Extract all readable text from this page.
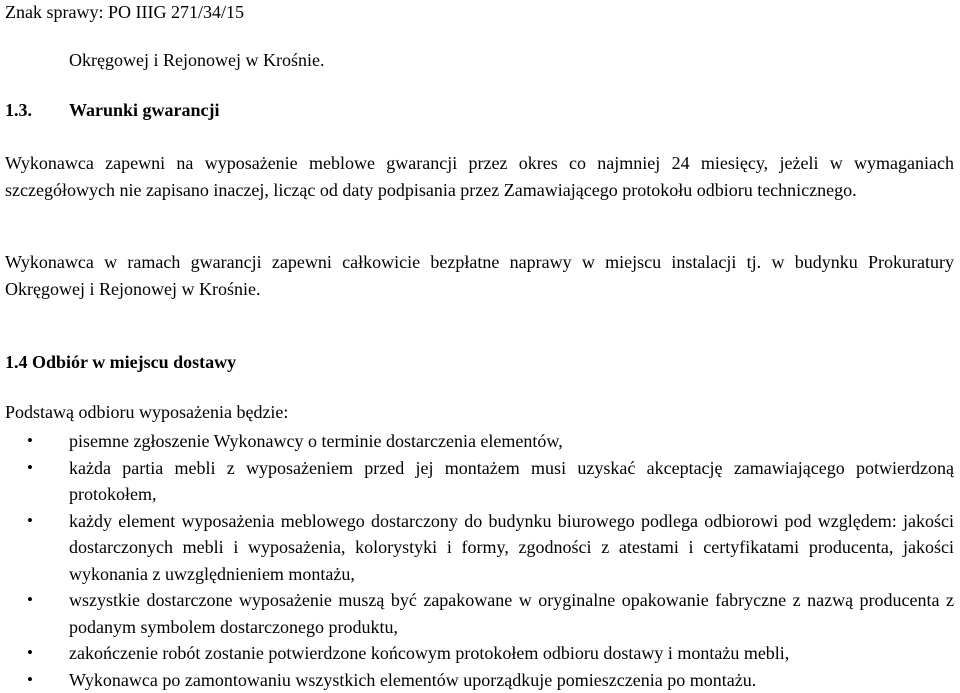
Znak sprawy: PO IIIG 271/34/15

Okręgowej i Rejonowej w Krośnie.

1.3. Warunki gwarancji

Wykonawca zapewni na wyposażenie meblowe gwarancji przez okres co najmniej 24 miesięcy, jeżeli w wymaganiach szczegółowych nie zapisano inaczej, licząc od daty podpisania przez Zamawiającego protokołu odbioru technicznego.

Wykonawca w ramach gwarancji zapewni całkowicie bezpłatne naprawy w miejscu instalacji tj. w budynku Prokuratury Okręgowej i Rejonowej w Krośnie.

1.4 Odbiór w miejscu dostawy

Podstawą odbioru wyposażenia będzie:

• pisemne zgłoszenie Wykonawcy o terminie dostarczenia elementów,
• każda partia mebli z wyposażeniem przed jej montażem musi uzyskać akceptację zamawiającego potwierdzoną protokołem,
• każdy element wyposażenia meblowego dostarczony do budynku biurowego podlega odbiorowi pod względem: jakości dostarczonych mebli i wyposażenia, kolorystyki i formy, zgodności z atestami i certyfikatami producenta, jakości wykonania z uwzględnieniem montażu,
• wszystkie dostarczone wyposażenie muszą być zapakowane w oryginalne opakowanie fabryczne z nazwą producenta z podanym symbolem dostarczonego produktu,
• zakończenie robót zostanie potwierdzone końcowym protokołem odbioru dostawy i montażu mebli,
• Wykonawca po zamontowaniu wszystkich elementów uporządkuje pomieszczenia po montażu.
